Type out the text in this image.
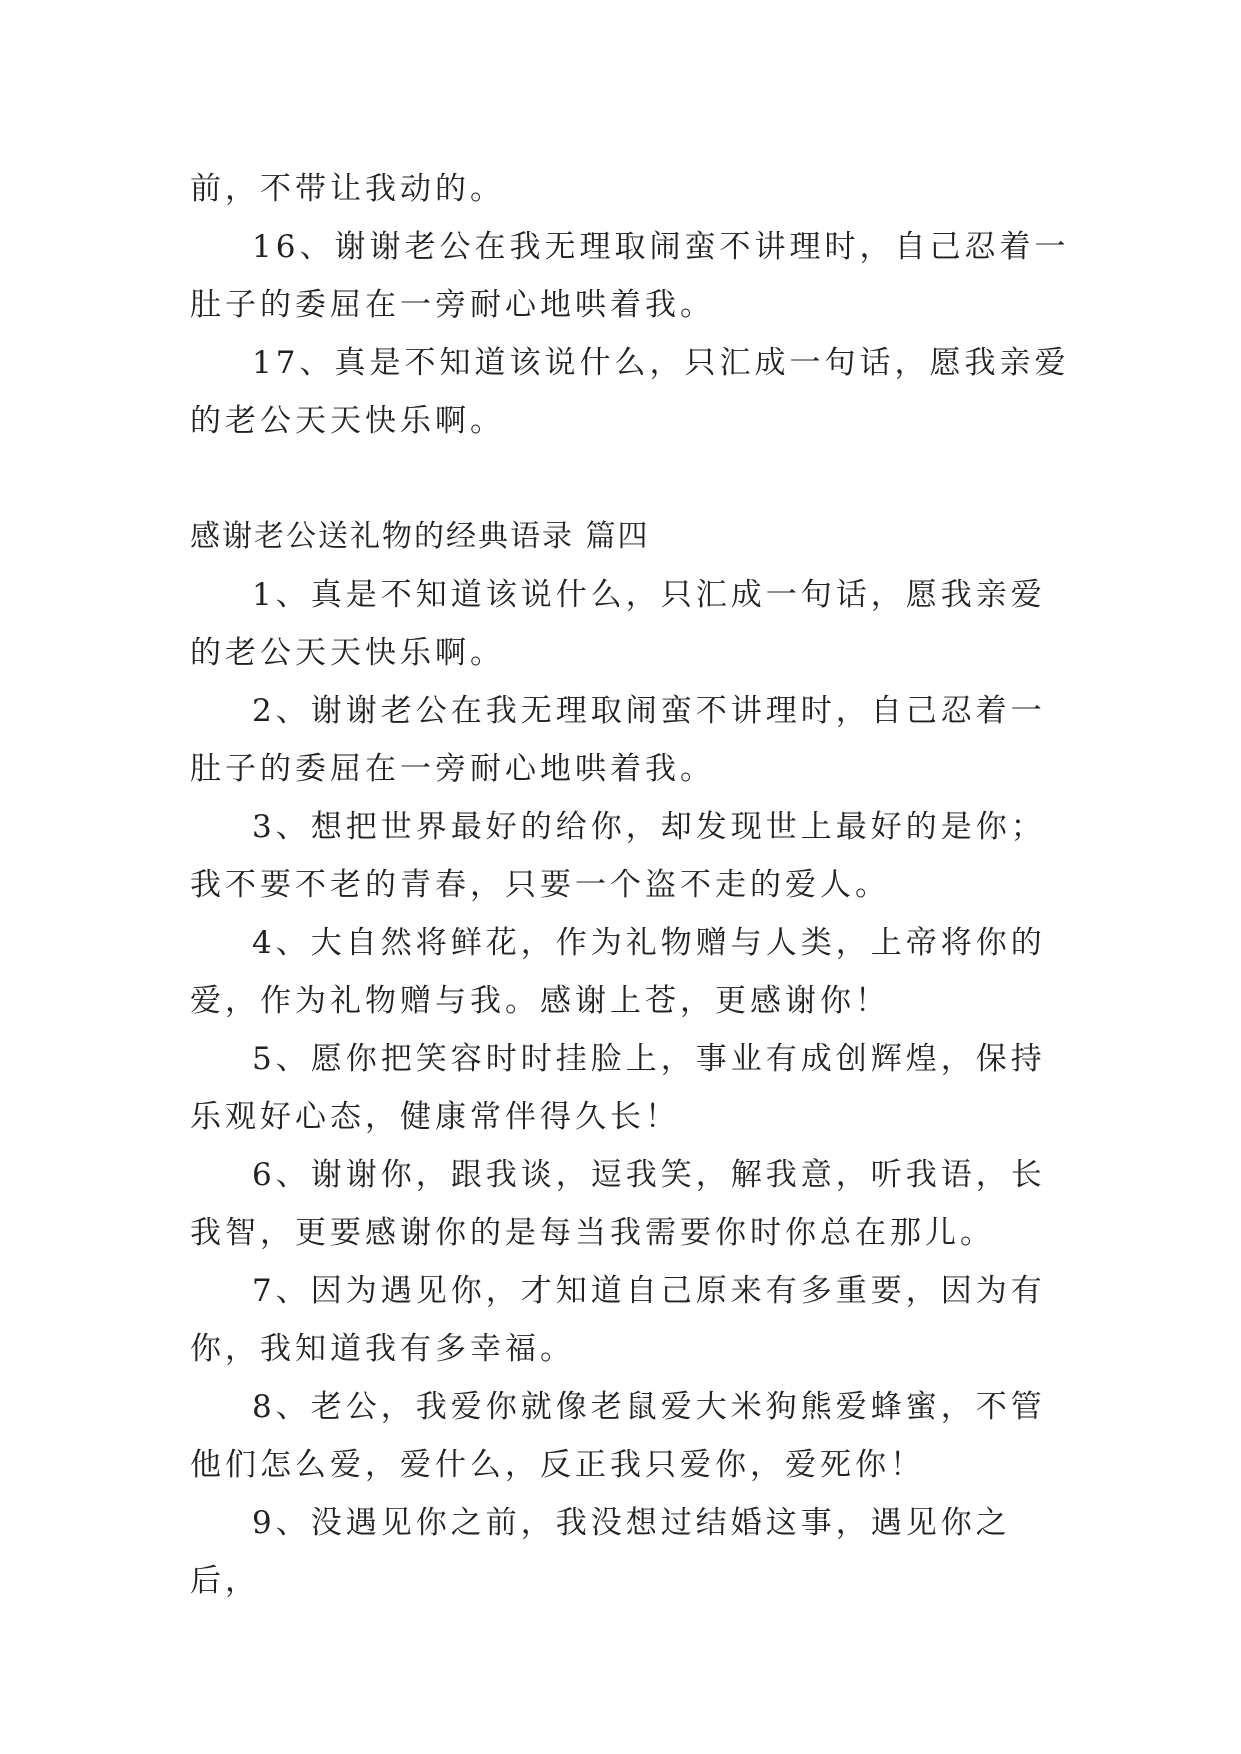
前，不带让我动的。

16、谢谢老公在我无理取闹蛮不讲理时，自己忍着一肚子的委屈在一旁耐心地哄着我。

17、真是不知道该说什么，只汇成一句话，愿我亲爱的老公天天快乐啊。

感谢老公送礼物的经典语录 篇四

1、真是不知道该说什么，只汇成一句话，愿我亲爱的老公天天快乐啊。

2、谢谢老公在我无理取闹蛮不讲理时，自己忍着一肚子的委屈在一旁耐心地哄着我。

3、想把世界最好的给你，却发现世上最好的是你；我不要不老的青春，只要一个盗不走的爱人。

4、大自然将鲜花，作为礼物赠与人类，上帝将你的爱，作为礼物赠与我。感谢上苍，更感谢你！

5、愿你把笑容时时挂脸上，事业有成创辉煌，保持乐观好心态，健康常伴得久长！

6、谢谢你，跟我谈，逗我笑，解我意，听我语，长我智，更要感谢你的是每当我需要你时你总在那儿。

7、因为遇见你，才知道自己原来有多重要，因为有你，我知道我有多幸福。

8、老公，我爱你就像老鼠爱大米狗熊爱蜂蜜，不管他们怎么爱，爱什么，反正我只爱你，爱死你！

9、没遇见你之前，我没想过结婚这事，遇见你之后，
